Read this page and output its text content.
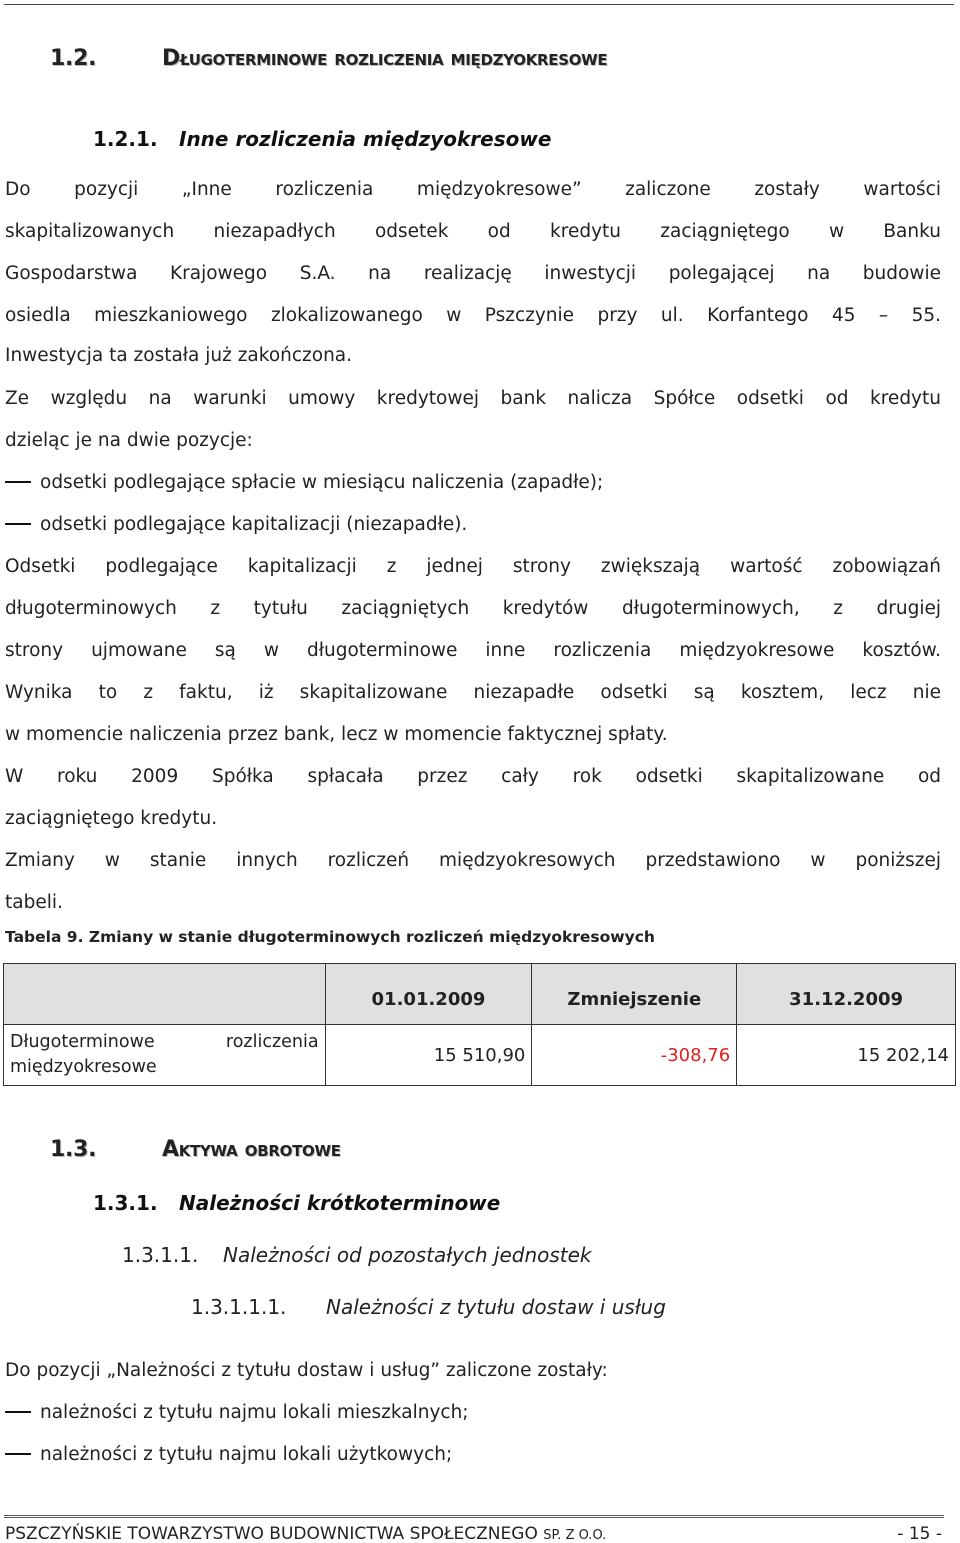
1.2.	Długoterminowe rozliczenia międzyokresowe
1.2.1. Inne rozliczenia międzyokresowe
Do pozycji „Inne rozliczenia międzyokresowe” zaliczone zostały wartości
skapitalizowanych niezapadłych odsetek od kredytu zaciągniętego w Banku
Gospodarstwa Krajowego S.A. na realizację inwestycji polegającej na budowie
osiedla mieszkaniowego zlokalizowanego w Pszczynie przy ul. Korfantego 45 – 55.
Inwestycja ta została już zakończona.
Ze względu na warunki umowy kredytowej bank nalicza Spółce odsetki od kredytu
dzieląc je na dwie pozycje:
odsetki podlegające spłacie w miesiącu naliczenia (zapadłe);
odsetki podlegające kapitalizacji (niezapadłe).
Odsetki podlegające kapitalizacji z jednej strony zwiększają wartość zobowiązań
długoterminowych z tytułu zaciągniętych kredytów długoterminowych, z drugiej
strony ujmowane są w długoterminowe inne rozliczenia międzyokresowe kosztów.
Wynika to z faktu, iż skapitalizowane niezapadłe odsetki są kosztem, lecz nie
w momencie naliczenia przez bank, lecz w momencie faktycznej spłaty.
W roku 2009 Spółka spłacała przez cały rok odsetki skapitalizowane od
zaciągniętego kredytu.
Zmiany w stanie innych rozliczeń międzyokresowych przedstawiono w poniższej
tabeli.
Tabela 9. Zmiany w stanie długoterminowych rozliczeń międzyokresowych
	01.01.2009	Zmniejszenie	31.12.2009
Długoterminowe rozliczenia międzyokresowe	15 510,90	-308,76	15 202,14
1.3.	Aktywa obrotowe
1.3.1. Należności krótkoterminowe
1.3.1.1. Należności od pozostałych jednostek
1.3.1.1.1. Należności z tytułu dostaw i usług
Do pozycji „Należności z tytułu dostaw i usług” zaliczone zostały:
należności z tytułu najmu lokali mieszkalnych;
należności z tytułu najmu lokali użytkowych;
PSZCZYŃSKIE TOWARZYSTWO BUDOWNICTWA SPOŁECZNEGO SP. Z O.O.	- 15 -
